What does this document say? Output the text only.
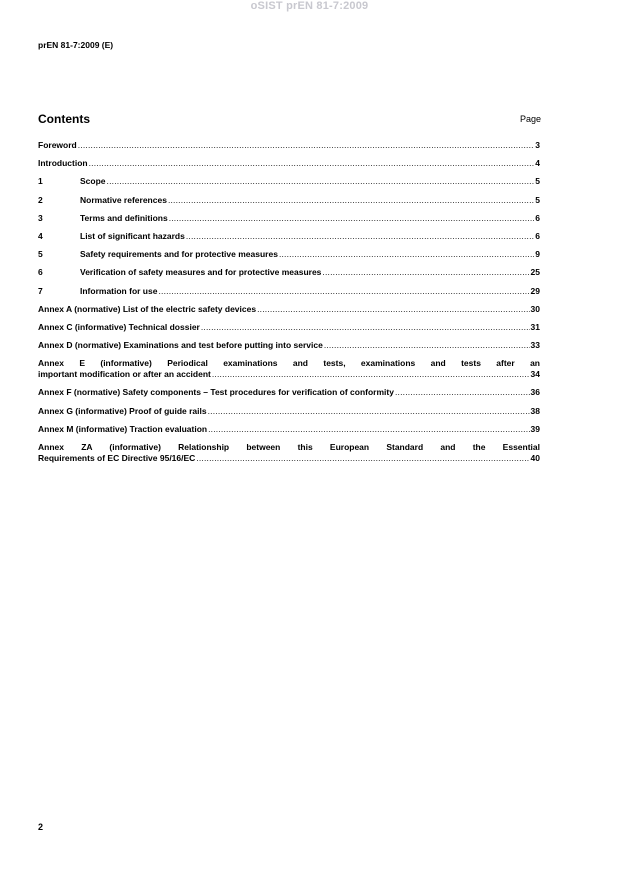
oSIST prEN 81-7:2009
prEN 81-7:2009 (E)
Contents	Page
Foreword .....	3
Introduction .....	4
1	Scope .....	5
2	Normative references .....	5
3	Terms and definitions .....	6
4	List of significant hazards .....	6
5	Safety requirements and for protective measures .....	9
6	Verification of safety measures and for protective measures .....	25
7	Information for use .....	29
Annex A (normative) List of the electric safety devices .....	30
Annex C (informative) Technical dossier .....	31
Annex D (normative) Examinations and test before putting into service .....	33
Annex E (informative) Periodical examinations and tests, examinations and tests after an
important modification or after an accident .....	34
Annex F (normative) Safety components – Test procedures for verification of conformity .....	36
Annex G (informative) Proof of guide rails .....	38
Annex M (informative) Traction evaluation .....	39
Annex ZA (informative) Relationship between this European Standard and the Essential
Requirements of EC Directive 95/16/EC .....	40
2
